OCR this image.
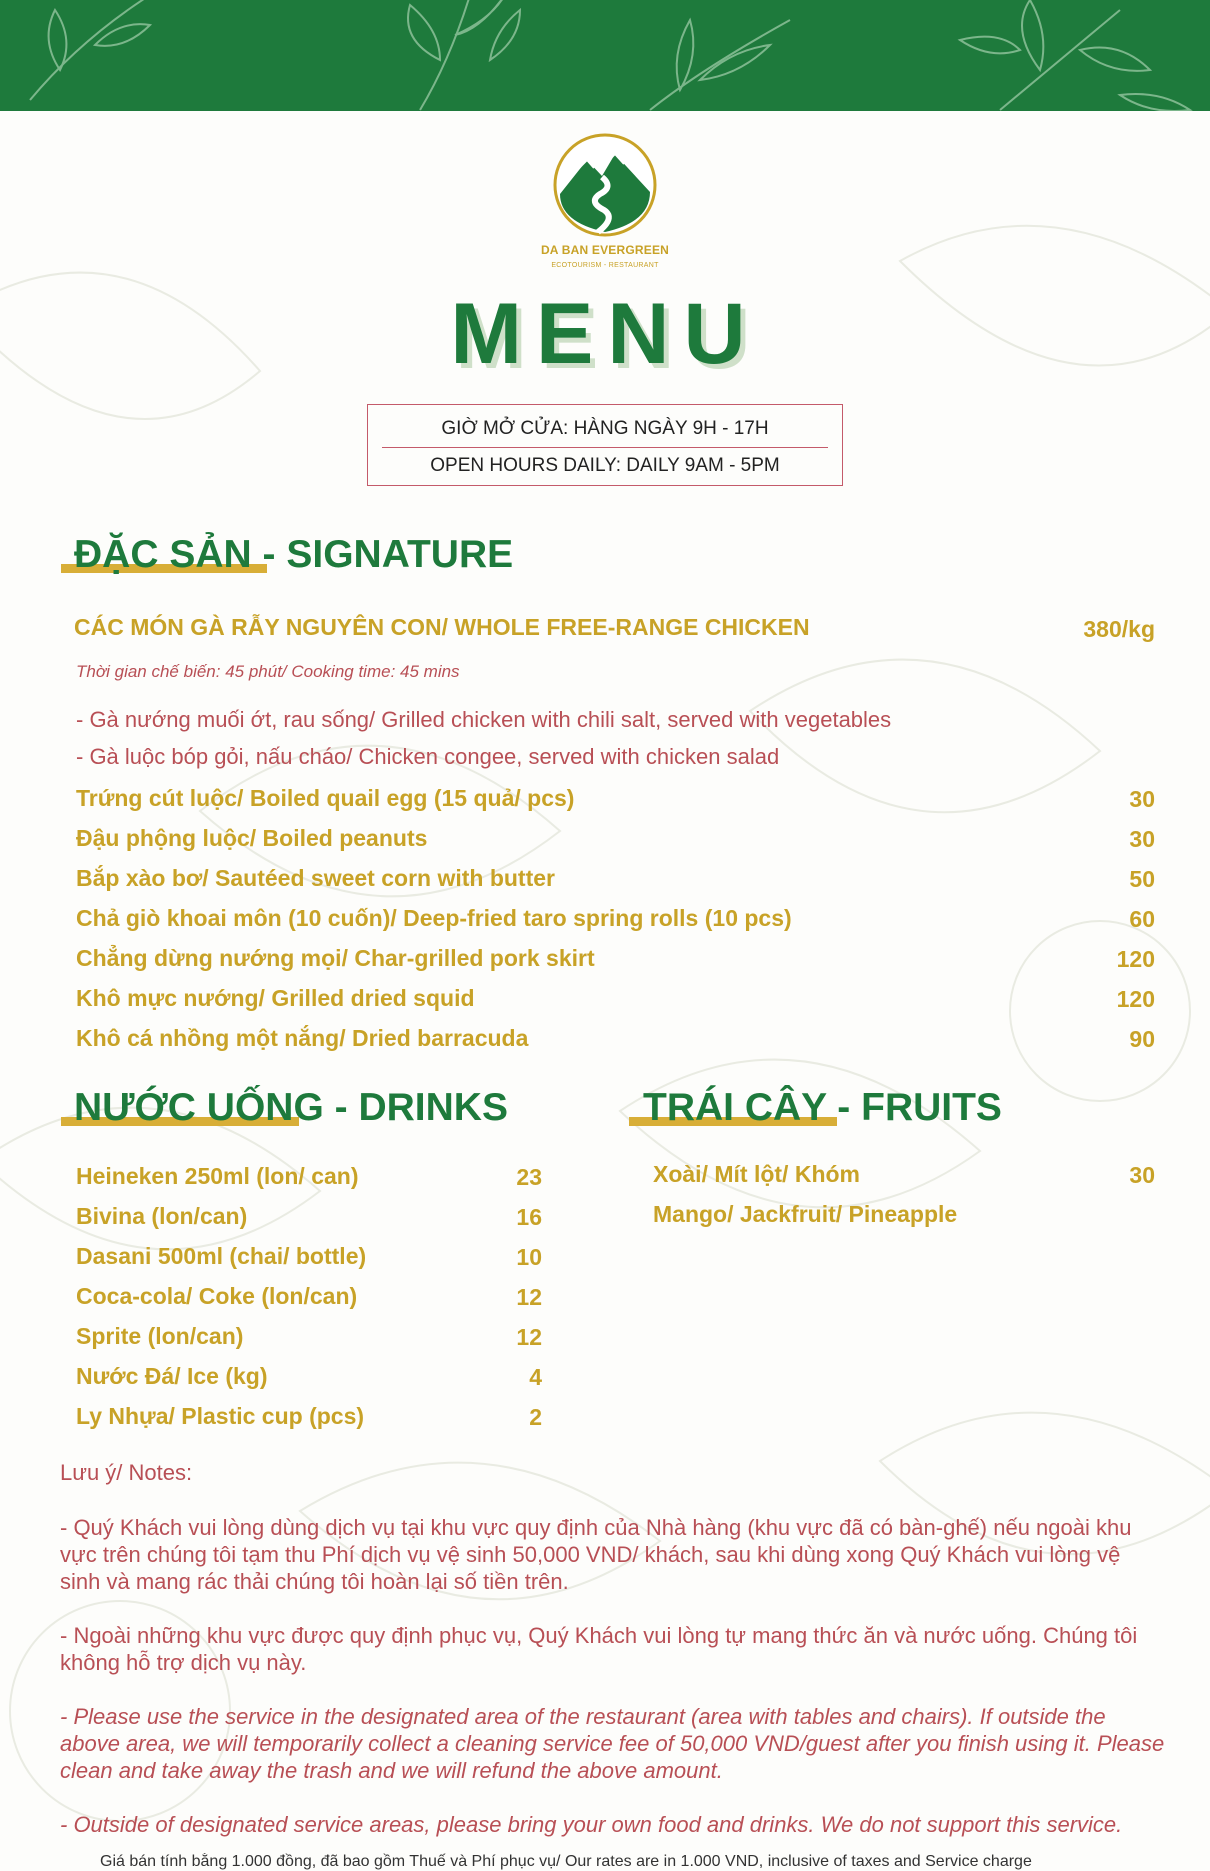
DA BAN EVERGREEN
ECOTOURISM - RESTAURANT
MENU
GIỜ MỞ CỬA: HÀNG NGÀY 9H - 17H
OPEN HOURS DAILY: DAILY 9AM - 5PM
ĐẶC SẢN - SIGNATURE
CÁC MÓN GÀ RẪY NGUYÊN CON/ WHOLE FREE-RANGE CHICKEN	380/kg
Thời gian chế biến: 45 phút/ Cooking time: 45 mins
- Gà nướng muối ớt, rau sống/ Grilled chicken with chili salt, served with vegetables
- Gà luộc bóp gỏi, nấu cháo/ Chicken congee, served with chicken salad
Trứng cút luộc/ Boiled quail egg (15 quả/ pcs)	30
Đậu phộng luộc/ Boiled peanuts	30
Bắp xào bơ/ Sautéed sweet corn with butter	50
Chả giò khoai môn (10 cuốn)/ Deep-fried taro spring rolls (10 pcs)	60
Chẳng dừng nướng mọi/ Char-grilled pork skirt	120
Khô mực nướng/ Grilled dried squid	120
Khô cá nhồng một nắng/ Dried barracuda	90
NƯỚC UỐNG - DRINKS
Heineken 250ml (lon/ can)	23
Bivina (lon/can)	16
Dasani 500ml (chai/ bottle)	10
Coca-cola/ Coke (lon/can)	12
Sprite (lon/can)	12
Nước Đá/ Ice (kg)	4
Ly Nhựa/ Plastic cup (pcs)	2
TRÁI CÂY - FRUITS
Xoài/ Mít lột/ Khóm	30
Mango/ Jackfruit/ Pineapple
Lưu ý/ Notes:
- Quý Khách vui lòng dùng dịch vụ tại khu vực quy định của Nhà hàng (khu vực đã có bàn-ghế) nếu ngoài khu vực trên chúng tôi tạm thu Phí dịch vụ vệ sinh 50,000 VND/ khách, sau khi dùng xong Quý Khách vui lòng vệ sinh và mang rác thải chúng tôi hoàn lại số tiền trên.
- Ngoài những khu vực được quy định phục vụ, Quý Khách vui lòng tự mang thức ăn và nước uống. Chúng tôi không hỗ trợ dịch vụ này.
- Please use the service in the designated area of the restaurant (area with tables and chairs). If outside the above area, we will temporarily collect a cleaning service fee of 50,000 VND/guest after you finish using it. Please clean and take away the trash and we will refund the above amount.
- Outside of designated service areas, please bring your own food and drinks. We do not support this service.
Giá bán tính bằng 1.000 đồng, đã bao gồm Thuế và Phí phục vụ/ Our rates are in 1.000 VND, inclusive of taxes and Service charge
